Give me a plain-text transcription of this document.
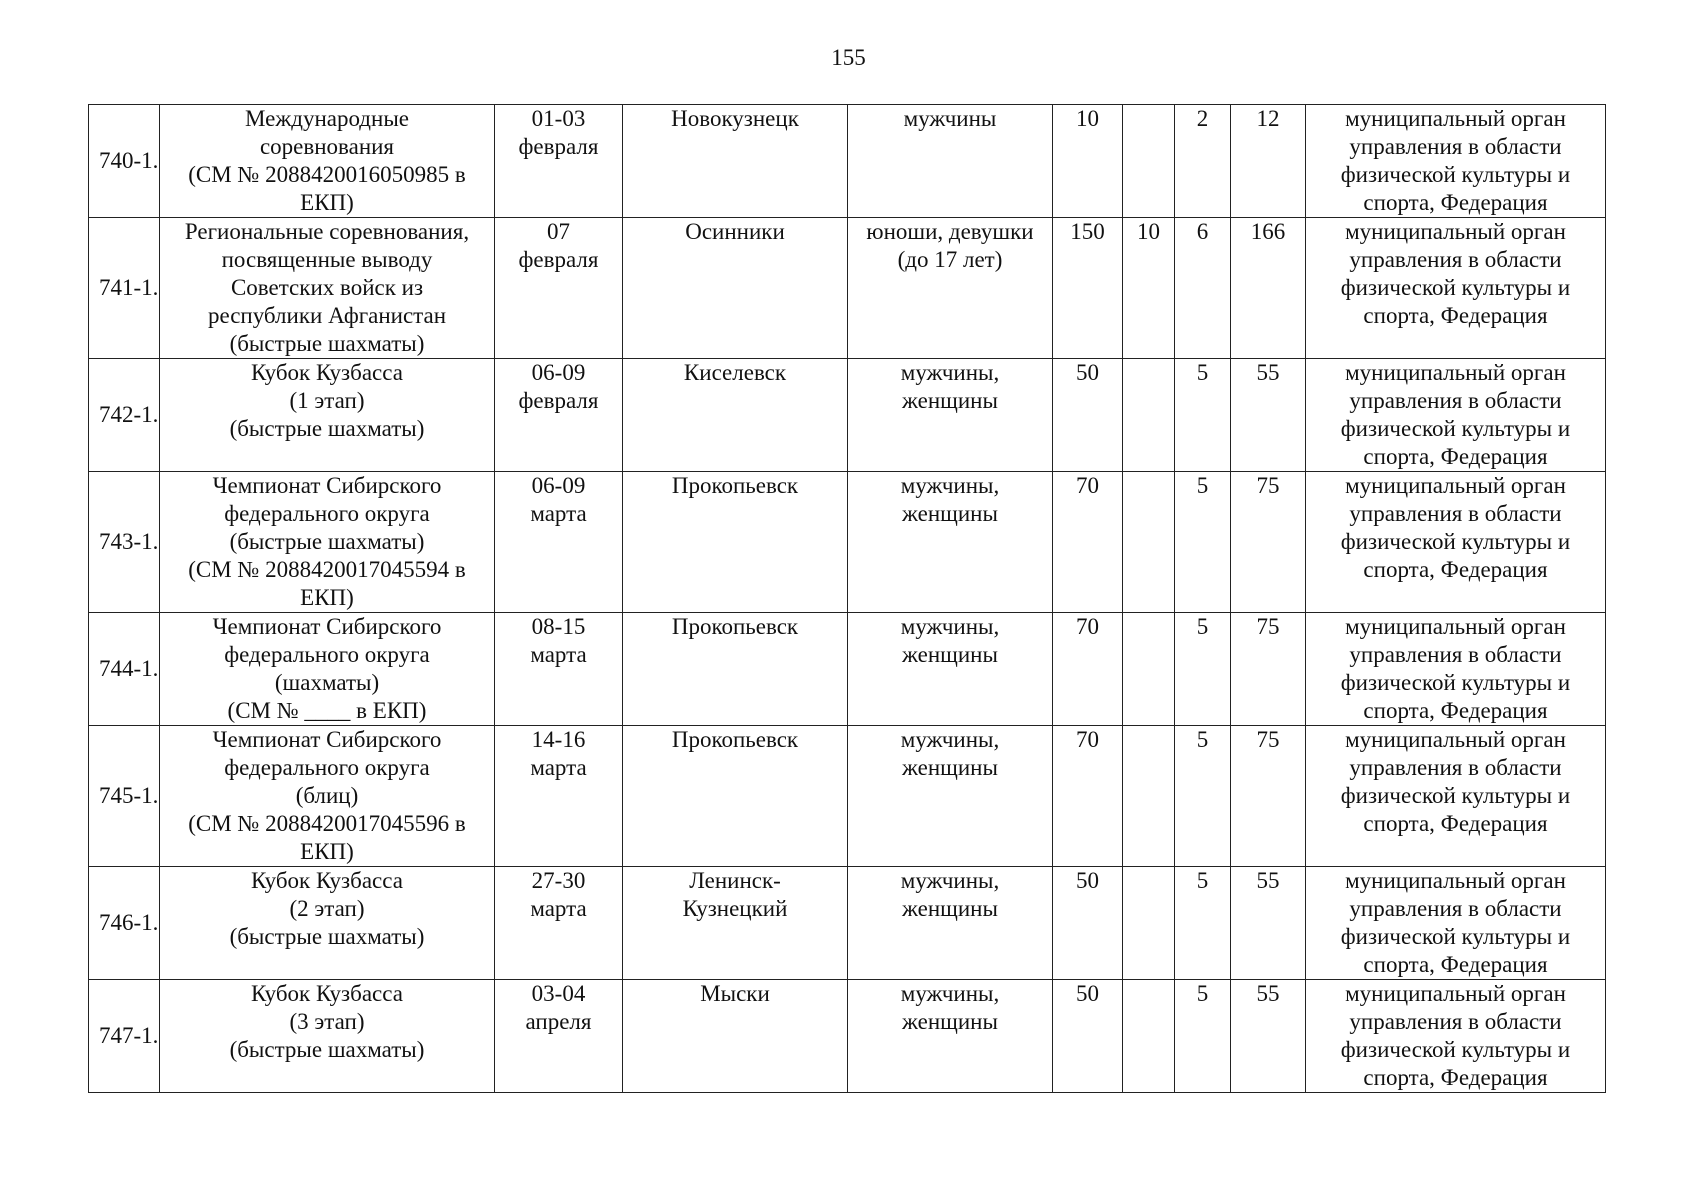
155
740-1.	Международные
соревнования
(СМ № 2088420016050985 в
ЕКП)	01-03
февраля	Новокузнецк	мужчины	10		2	12	муниципальный орган
управления в области
физической культуры и
спорта, Федерация

741-1.	Региональные соревнования,
посвященные выводу
Советских войск из
республики Афганистан
(быстрые шахматы)	07
февраля	Осинники	юноши, девушки
(до 17 лет)	150	10	6	166	муниципальный орган
управления в области
физической культуры и
спорта, Федерация

742-1.	Кубок Кузбасса
(1 этап)
(быстрые шахматы)	06-09
февраля	Киселевск	мужчины,
женщины	50		5	55	муниципальный орган
управления в области
физической культуры и
спорта, Федерация

743-1.	Чемпионат Сибирского
федерального округа
(быстрые шахматы)
(СМ № 2088420017045594 в
ЕКП)	06-09
марта	Прокопьевск	мужчины,
женщины	70		5	75	муниципальный орган
управления в области
физической культуры и
спорта, Федерация

744-1.	Чемпионат Сибирского
федерального округа
(шахматы)
(СМ № ____ в ЕКП)	08-15
марта	Прокопьевск	мужчины,
женщины	70		5	75	муниципальный орган
управления в области
физической культуры и
спорта, Федерация

745-1.	Чемпионат Сибирского
федерального округа
(блиц)
(СМ № 2088420017045596 в
ЕКП)	14-16
марта	Прокопьевск	мужчины,
женщины	70		5	75	муниципальный орган
управления в области
физической культуры и
спорта, Федерация

746-1.	Кубок Кузбасса
(2 этап)
(быстрые шахматы)	27-30
марта	Ленинск-
Кузнецкий	мужчины,
женщины	50		5	55	муниципальный орган
управления в области
физической культуры и
спорта, Федерация

747-1.	Кубок Кузбасса
(3 этап)
(быстрые шахматы)	03-04
апреля	Мыски	мужчины,
женщины	50		5	55	муниципальный орган
управления в области
физической культуры и
спорта, Федерация
